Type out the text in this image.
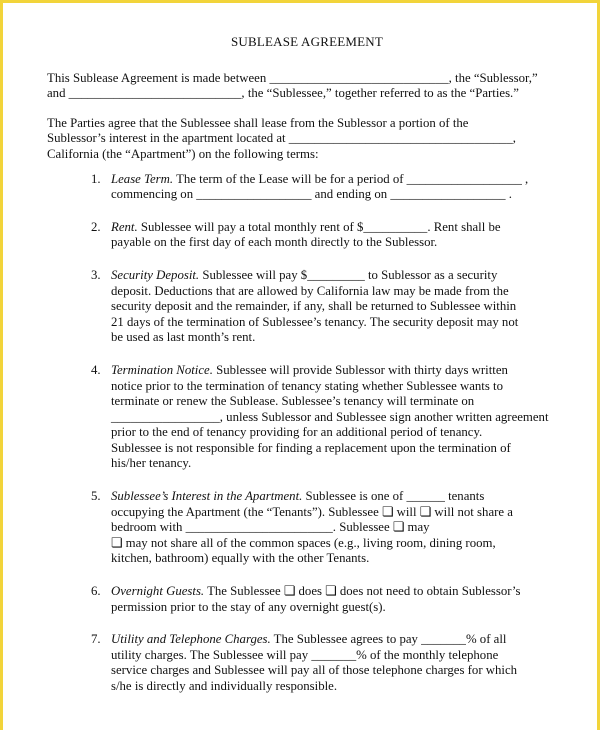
SUBLEASE AGREEMENT
This Sublease Agreement is made between ____________________________, the “Sublessor,”
and ___________________________, the “Sublessee,” together referred to as the “Parties.”
The Parties agree that the Sublessee shall lease from the Sublessor a portion of the
Sublessor’s interest in the apartment located at ___________________________________,
California (the “Apartment”) on the following terms:
1. Lease Term. The term of the Lease will be for a period of __________________ ,
commencing on __________________ and ending on __________________ .
2. Rent. Sublessee will pay a total monthly rent of $__________. Rent shall be
payable on the first day of each month directly to the Sublessor.
3. Security Deposit. Sublessee will pay $_________ to Sublessor as a security
deposit. Deductions that are allowed by California law may be made from the
security deposit and the remainder, if any, shall be returned to Sublessee within
21 days of the termination of Sublessee’s tenancy. The security deposit may not
be used as last month’s rent.
4. Termination Notice. Sublessee will provide Sublessor with thirty days written
notice prior to the termination of tenancy stating whether Sublessee wants to
terminate or renew the Sublease. Sublessee’s tenancy will terminate on
_________________, unless Sublessor and Sublessee sign another written agreement
prior to the end of tenancy providing for an additional period of tenancy.
Sublessee is not responsible for finding a replacement upon the termination of
his/her tenancy.
5. Sublessee’s Interest in the Apartment. Sublessee is one of ______ tenants
occupying the Apartment (the “Tenants”). Sublessee ❏ will ❏ will not share a
bedroom with _______________________. Sublessee ❏ may
❏ may not share all of the common spaces (e.g., living room, dining room,
kitchen, bathroom) equally with the other Tenants.
6. Overnight Guests. The Sublessee ❏ does ❏ does not need to obtain Sublessor’s
permission prior to the stay of any overnight guest(s).
7. Utility and Telephone Charges. The Sublessee agrees to pay _______% of all
utility charges. The Sublessee will pay _______% of the monthly telephone
service charges and Sublessee will pay all of those telephone charges for which
s/he is directly and individually responsible.
